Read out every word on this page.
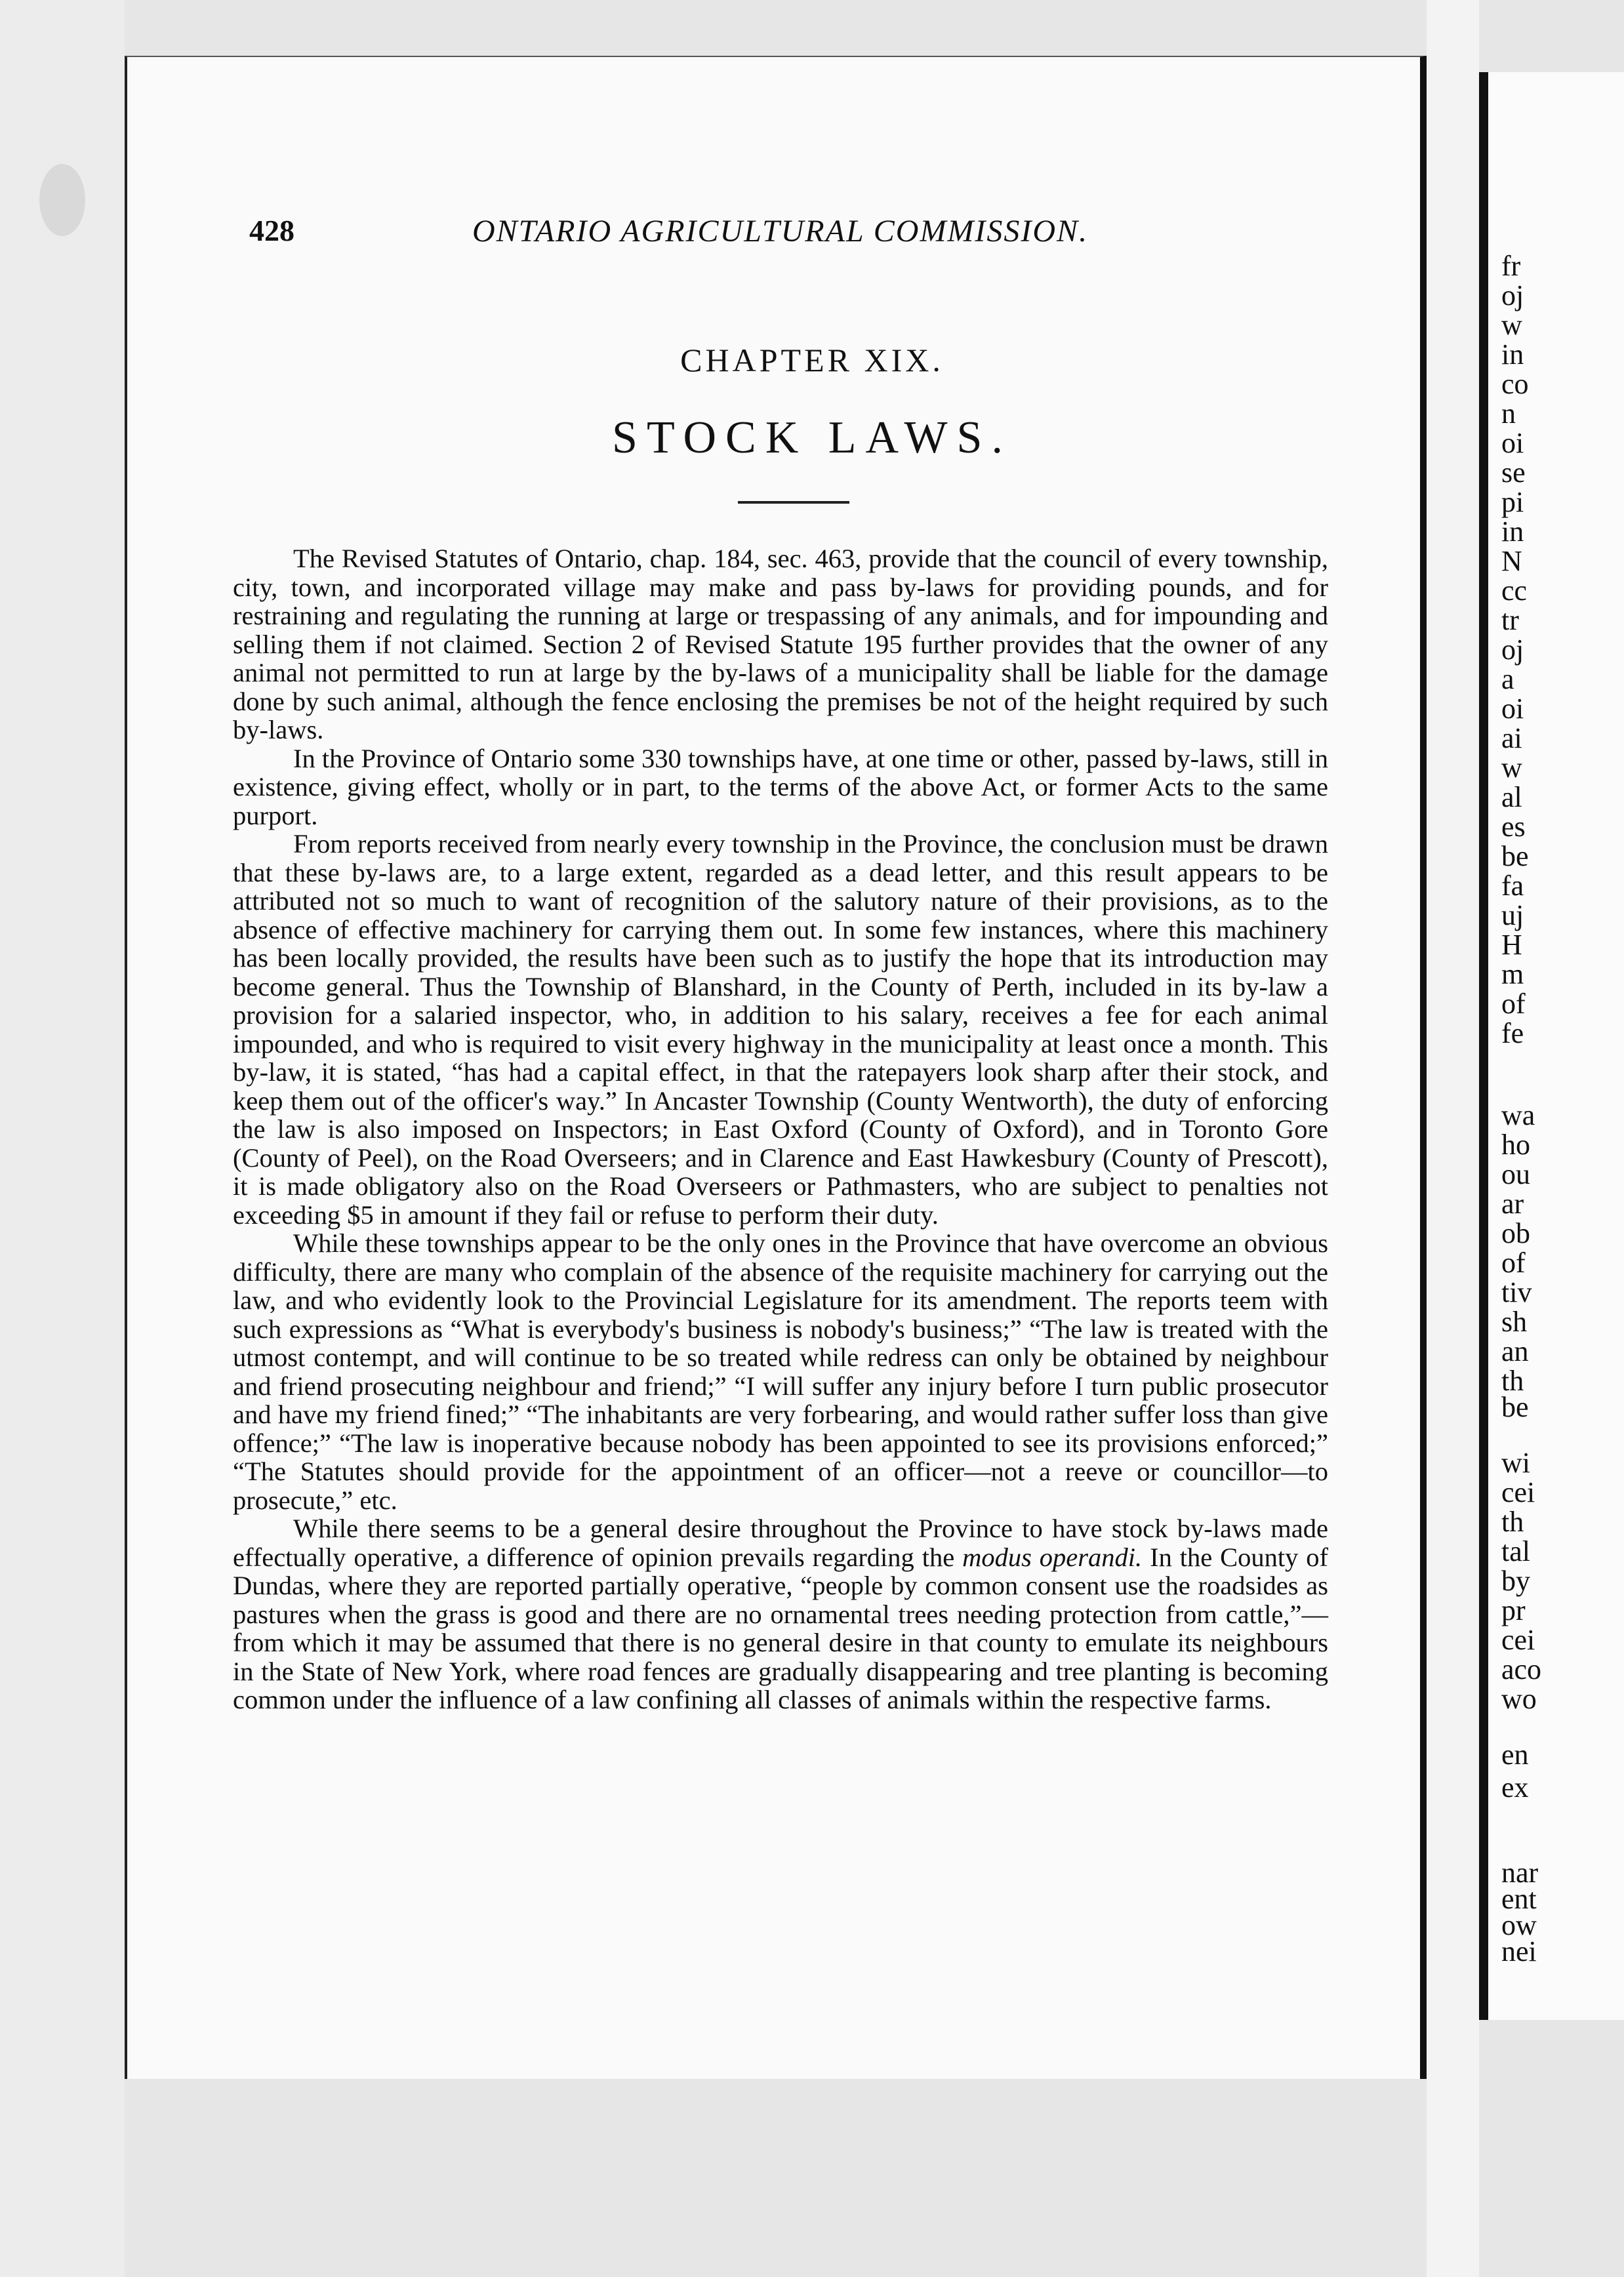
fr
oj
w
in
co
n
oi
se
pi
in
N
cc
tr
oj
a
oi
ai
w
al
es
be
fa
uj
H
m
of
fe
wa
ho
ou
ar
ob
of
tiv
sh
an
th
be
wi
cei
th
tal
by
pr
cei
aco
wo
en
ex
nar
ent
ow
nei
428	ONTARIO AGRICULTURAL COMMISSION.
CHAPTER XIX.
STOCK LAWS.

The Revised Statutes of Ontario, chap. 184, sec. 463, provide that the council of every township, city, town, and incorporated village may make and pass by-laws for providing pounds, and for restraining and regulating the running at large or trespassing of any animals, and for impounding and selling them if not claimed. Section 2 of Revised Statute 195 further provides that the owner of any animal not permitted to run at large by the by-laws of a municipality shall be liable for the damage done by such animal, although the fence enclosing the premises be not of the height required by such by-laws.

In the Province of Ontario some 330 townships have, at one time or other, passed by-laws, still in existence, giving effect, wholly or in part, to the terms of the above Act, or former Acts to the same purport.

From reports received from nearly every township in the Province, the conclusion must be drawn that these by-laws are, to a large extent, regarded as a dead letter, and this result appears to be attributed not so much to want of recognition of the salutory nature of their provisions, as to the absence of effective machinery for carrying them out. In some few instances, where this machinery has been locally provided, the results have been such as to justify the hope that its introduction may become general. Thus the Township of Blanshard, in the County of Perth, included in its by-law a provision for a salaried inspector, who, in addition to his salary, receives a fee for each animal impounded, and who is required to visit every highway in the municipality at least once a month. This by-law, it is stated, “has had a capital effect, in that the ratepayers look sharp after their stock, and keep them out of the officer's way.” In Ancaster Township (County Wentworth), the duty of enforcing the law is also imposed on Inspectors; in East Oxford (County of Oxford), and in Toronto Gore (County of Peel), on the Road Overseers; and in Clarence and East Hawkesbury (County of Prescott), it is made obligatory also on the Road Overseers or Pathmasters, who are subject to penalties not exceeding $5 in amount if they fail or refuse to perform their duty.

While these townships appear to be the only ones in the Province that have overcome an obvious difficulty, there are many who complain of the absence of the requisite machinery for carrying out the law, and who evidently look to the Provincial Legislature for its amendment. The reports teem with such expressions as “What is everybody's business is nobody's business;” “The law is treated with the utmost contempt, and will continue to be so treated while redress can only be obtained by neighbour and friend prosecuting neighbour and friend;” “I will suffer any injury before I turn public prosecutor and have my friend fined;” “The inhabitants are very forbearing, and would rather suffer loss than give offence;” “The law is inoperative because nobody has been appointed to see its provisions enforced;” “The Statutes should provide for the appointment of an officer—not a reeve or councillor—to prosecute,” etc.

While there seems to be a general desire throughout the Province to have stock by-laws made effectually operative, a difference of opinion prevails regarding the modus operandi. In the County of Dundas, where they are reported partially operative, “people by common consent use the roadsides as pastures when the grass is good and there are no ornamental trees needing protection from cattle,”—from which it may be assumed that there is no general desire in that county to emulate its neighbours in the State of New York, where road fences are gradually disappearing and tree planting is becoming common under the influence of a law confining all classes of animals within the respective farms.
